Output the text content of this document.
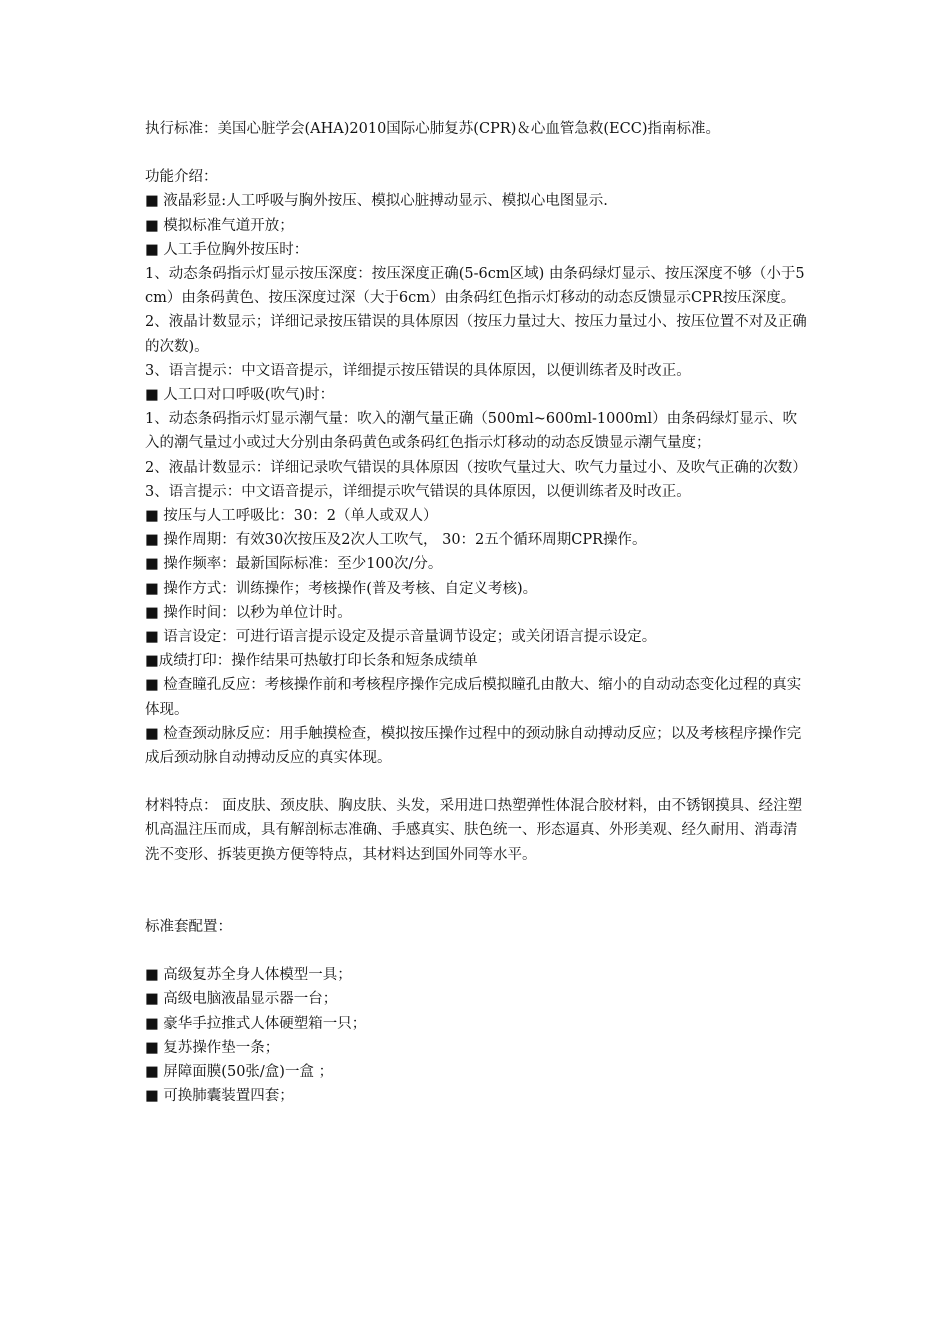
执行标准：美国心脏学会(AHA)2010国际心肺复苏(CPR)＆心血管急救(ECC)指南标准。

功能介绍：

■ 液晶彩显:人工呼吸与胸外按压、模拟心脏搏动显示、模拟心电图显示.

■ 模拟标准气道开放；

■ 人工手位胸外按压时：

1、动态条码指示灯显示按压深度：按压深度正确(5-6cm区域) 由条码绿灯显示、按压深度不够（小于5cm）由条码黄色、按压深度过深（大于6cm）由条码红色指示灯移动的动态反馈显示CPR按压深度。

2、液晶计数显示；详细记录按压错误的具体原因（按压力量过大、按压力量过小、按压位置不对及正确的次数)。

3、语言提示：中文语音提示，详细提示按压错误的具体原因，以便训练者及时改正。

■ 人工口对口呼吸(吹气)时：

1、动态条码指示灯显示潮气量：吹入的潮气量正确（500ml~600ml-1000ml）由条码绿灯显示、吹入的潮气量过小或过大分别由条码黄色或条码红色指示灯移动的动态反馈显示潮气量度；

2、液晶计数显示：详细记录吹气错误的具体原因（按吹气量过大、吹气力量过小、及吹气正确的次数）

3、语言提示：中文语音提示，详细提示吹气错误的具体原因，以便训练者及时改正。

■ 按压与人工呼吸比：30：2（单人或双人）

■ 操作周期：有效30次按压及2次人工吹气， 30：2五个循环周期CPR操作。

■ 操作频率：最新国际标准：至少100次/分。

■ 操作方式：训练操作；考核操作(普及考核、自定义考核)。

■ 操作时间：以秒为单位计时。

■ 语言设定：可进行语言提示设定及提示音量调节设定；或关闭语言提示设定。

■成绩打印：操作结果可热敏打印长条和短条成绩单

■ 检查瞳孔反应：考核操作前和考核程序操作完成后模拟瞳孔由散大、缩小的自动动态变化过程的真实体现。

■ 检查颈动脉反应：用手触摸检查，模拟按压操作过程中的颈动脉自动搏动反应；以及考核程序操作完成后颈动脉自动搏动反应的真实体现。

材料特点： 面皮肤、颈皮肤、胸皮肤、头发，采用进口热塑弹性体混合胶材料，由不锈钢摸具、经注塑机高温注压而成，具有解剖标志准确、手感真实、肤色统一、形态逼真、外形美观、经久耐用、消毒清洗不变形、拆装更换方便等特点，其材料达到国外同等水平。

标准套配置：

■ 高级复苏全身人体模型一具；

■ 高级电脑液晶显示器一台；

■ 豪华手拉推式人体硬塑箱一只；

■ 复苏操作垫一条；

■ 屏障面膜(50张/盒)一盒 ；

■ 可换肺囊装置四套；
